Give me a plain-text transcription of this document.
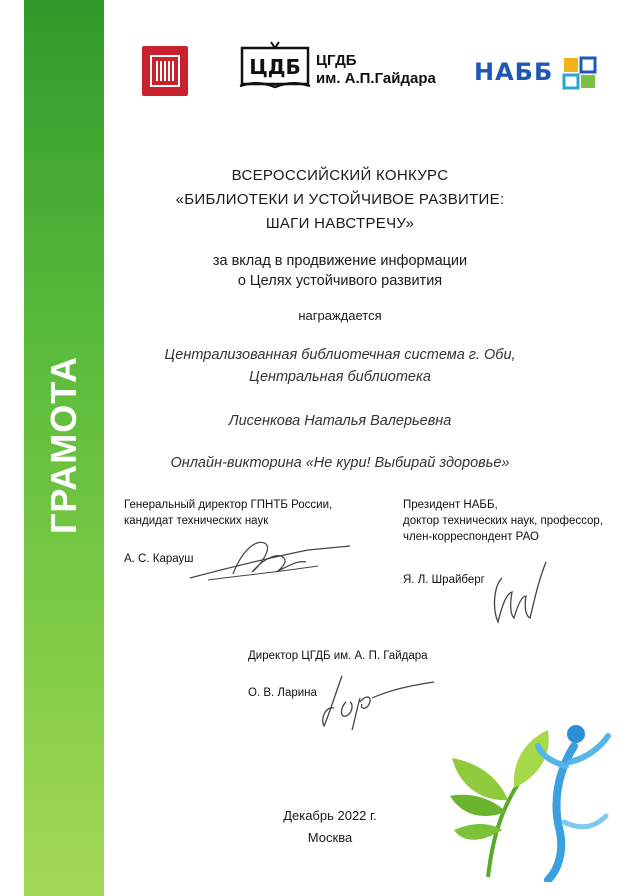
ГРАМОТА
ЦДБ ЦГДБ
им. А.П.Гайдара НАББ
ВСЕРОССИЙСКИЙ КОНКУРС
«БИБЛИОТЕКИ И УСТОЙЧИВОЕ РАЗВИТИЕ:
ШАГИ НАВСТРЕЧУ»
за вклад в продвижение информации
о Целях устойчивого развития
награждается
Централизованная библиотечная система г. Оби,
Центральная библиотека
Лисенкова Наталья Валерьевна
Онлайн-викторина «Не кури! Выбирай здоровье»
Генеральный директор ГПНТБ России,
кандидат технических наук
А. С. Карауш
Президент НАББ,
доктор технических наук, профессор,
член-корреспондент РАО
Я. Л. Шрайберг
Директор ЦГДБ им. А. П. Гайдара
О. В. Ларина
Декабрь 2022 г.
Москва
